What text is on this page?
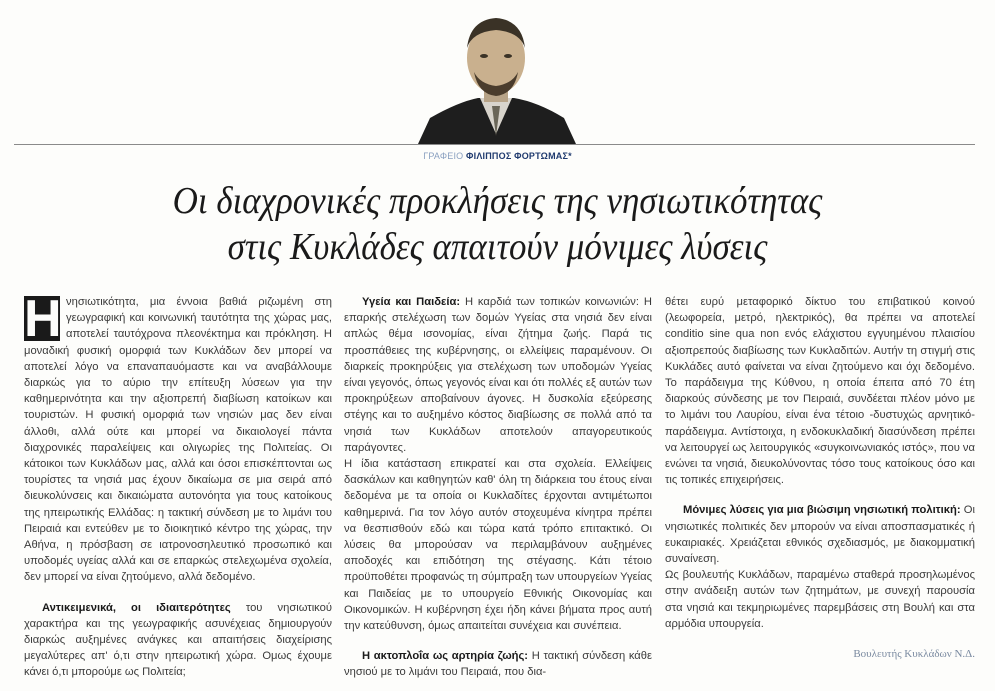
ΓΡΑΦΕΙΟ ΦΙΛΙΠΠΟΣ ΦΟΡΤΩΜΑΣ*
Οι διαχρονικές προκλήσεις της νησιωτικότητας
στις Κυκλάδες απαιτούν μόνιμες λύσεις

Η νησιωτικότητα, μια έννοια βαθιά ριζωμένη στη γεωγραφική και κοινωνική ταυτότητα της χώρας μας, αποτελεί ταυτόχρονα πλεονέκτημα και πρόκληση. Η μοναδική φυσική ομορφιά των Κυκλάδων δεν μπορεί να αποτελεί λόγο να επαναπαυόμαστε και να αναβάλλουμε διαρκώς για το αύριο την επίτευξη λύσεων για την καθημερινότητα και την αξιοπρεπή διαβίωση κατοίκων και τουριστών. Η φυσική ομορφιά των νησιών μας δεν είναι άλλοθι, αλλά ούτε και μπορεί να δικαιολογεί πάντα διαχρονικές παραλείψεις και ολιγωρίες της Πολιτείας. Οι κάτοικοι των Κυκλάδων μας, αλλά και όσοι επισκέπτονται ως τουρίστες τα νησιά μας έχουν δικαίωμα σε μια σειρά από διευκολύνσεις και δικαιώματα αυτονόητα για τους κατοίκους της ηπειρωτικής Ελλάδας: η τακτική σύνδεση με το λιμάνι του Πειραιά και εντεύθεν με το διοικητικό κέντρο της χώρας, την Αθήνα, η πρόσβαση σε ιατρονοσηλευτικό προσωπικό και υποδομές υγείας αλλά και σε επαρκώς στελεχωμένα σχολεία, δεν μπορεί να είναι ζητούμενο, αλλά δεδομένο.

Αντικειμενικά, οι ιδιαιτερότητες του νησιωτικού χαρακτήρα και της γεωγραφικής ασυνέχειας δημιουργούν διαρκώς αυξημένες ανάγκες και απαιτήσεις διαχείρισης μεγαλύτερες απ' ό,τι στην ηπειρωτική χώρα. Ομως έχουμε κάνει ό,τι μπορούμε ως Πολιτεία;

Υγεία και Παιδεία: Η καρδιά των τοπικών κοινωνιών: Η επαρκής στελέχωση των δομών Υγείας στα νησιά δεν είναι απλώς θέμα ισονομίας, είναι ζήτημα ζωής. Παρά τις προσπάθειες της κυβέρνησης, οι ελλείψεις παραμένουν. Οι διαρκείς προκηρύξεις για στελέχωση των υποδομών Υγείας είναι γεγονός, όπως γεγονός είναι και ότι πολλές εξ αυτών των προκηρύξεων αποβαίνουν άγονες. Η δυσκολία εξεύρεσης στέγης και το αυξημένο κόστος διαβίωσης σε πολλά από τα νησιά των Κυκλάδων αποτελούν απαγορευτικούς παράγοντες.

Η ίδια κατάσταση επικρατεί και στα σχολεία. Ελλείψεις δασκάλων και καθηγητών καθ' όλη τη διάρκεια του έτους είναι δεδομένα με τα οποία οι Κυκλαδίτες έρχονται αντιμέτωποι καθημερινά. Για τον λόγο αυτόν στοχευμένα κίνητρα πρέπει να θεσπισθούν εδώ και τώρα κατά τρόπο επιτακτικό. Οι λύσεις θα μπορούσαν να περιλαμβάνουν αυξημένες αποδοχές και επιδότηση της στέγασης. Κάτι τέτοιο προϋποθέτει προφανώς τη σύμπραξη των υπουργείων Υγείας και Παιδείας με το υπουργείο Εθνικής Οικονομίας και Οικονομικών. Η κυβέρνηση έχει ήδη κάνει βήματα προς αυτή την κατεύθυνση, όμως απαιτείται συνέχεια και συνέπεια.

Η ακτοπλοΐα ως αρτηρία ζωής: Η τακτική σύνδεση κάθε νησιού με το λιμάνι του Πειραιά, που δια-

θέτει ευρύ μεταφορικό δίκτυο του επιβατικού κοινού (λεωφορεία, μετρό, ηλεκτρικός), θα πρέπει να αποτελεί conditio sine qua non ενός ελάχιστου εγγυημένου πλαισίου αξιοπρεπούς διαβίωσης των Κυκλαδιτών. Αυτήν τη στιγμή στις Κυκλάδες αυτό φαίνεται να είναι ζητούμενο και όχι δεδομένο. Το παράδειγμα της Κύθνου, η οποία έπειτα από 70 έτη διαρκούς σύνδεσης με τον Πειραιά, συνδέεται πλέον μόνο με το λιμάνι του Λαυρίου, είναι ένα τέτοιο -δυστυχώς αρνητικό- παράδειγμα. Αντίστοιχα, η ενδοκυκλαδική διασύνδεση πρέπει να λειτουργεί ως λειτουργικός «συγκοινωνιακός ιστός», που να ενώνει τα νησιά, διευκολύνοντας τόσο τους κατοίκους όσο και τις τοπικές επιχειρήσεις.

Μόνιμες λύσεις για μια βιώσιμη νησιωτική πολιτική: Οι νησιωτικές πολιτικές δεν μπορούν να είναι αποσπασματικές ή ευκαιριακές. Χρειάζεται εθνικός σχεδιασμός, με διακομματική συναίνεση.

Ως βουλευτής Κυκλάδων, παραμένω σταθερά προσηλωμένος στην ανάδειξη αυτών των ζητημάτων, με συνεχή παρουσία στα νησιά και τεκμηριωμένες παρεμβάσεις στη Βουλή και στα αρμόδια υπουργεία.

Βουλευτής Κυκλάδων Ν.Δ.
